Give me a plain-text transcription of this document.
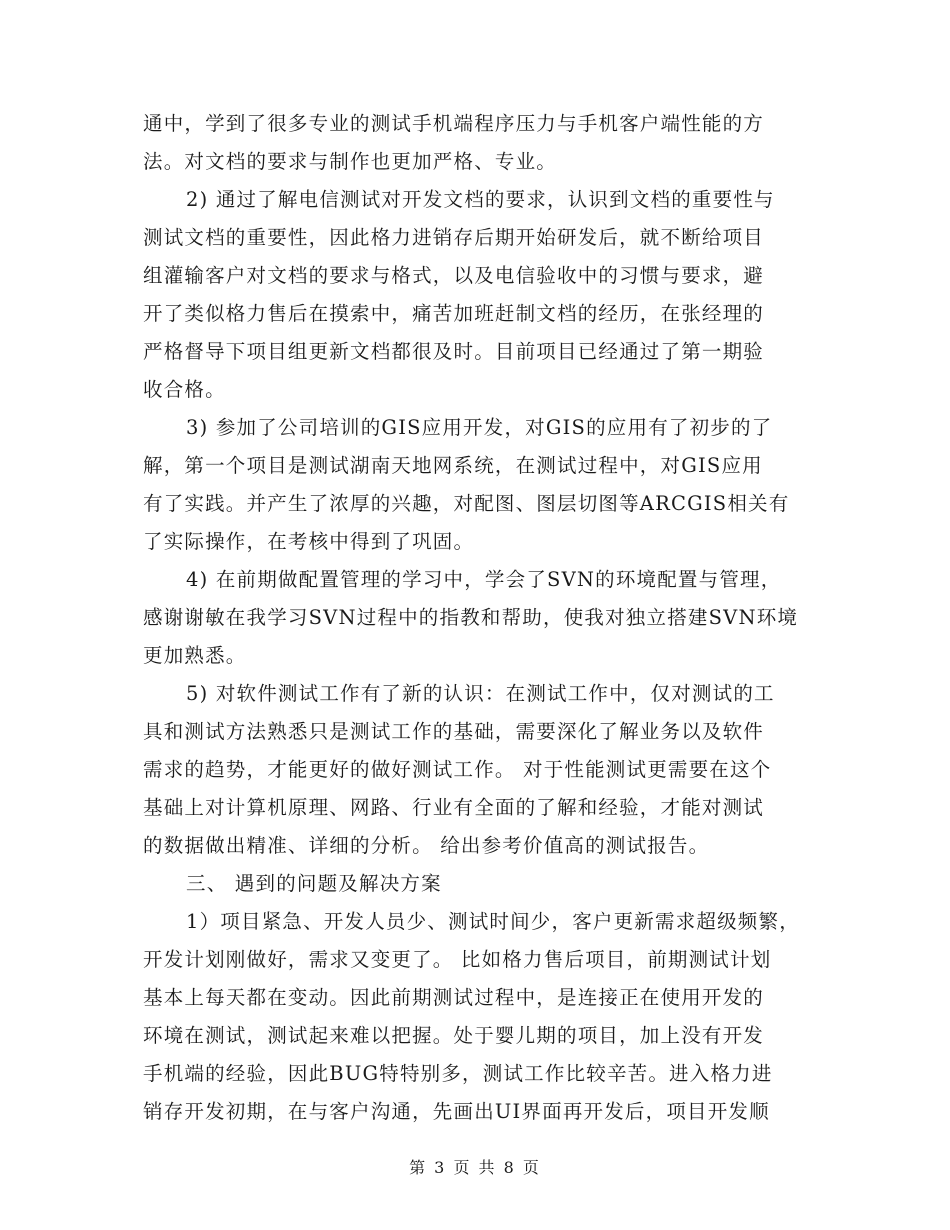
通中，学到了很多专业的测试手机端程序压力与手机客户端性能的方
法。对文档的要求与制作也更加严格、专业。
2) 通过了解电信测试对开发文档的要求，认识到文档的重要性与
测试文档的重要性，因此格力进销存后期开始研发后，就不断给项目
组灌输客户对文档的要求与格式，以及电信验收中的习惯与要求，避
开了类似格力售后在摸索中，痛苦加班赶制文档的经历，在张经理的
严格督导下项目组更新文档都很及时。目前项目已经通过了第一期验
收合格。
3) 参加了公司培训的GIS应用开发，对GIS的应用有了初步的了
解，第一个项目是测试湖南天地网系统，在测试过程中，对GIS应用
有了实践。并产生了浓厚的兴趣，对配图、图层切图等ARCGIS相关有
了实际操作，在考核中得到了巩固。
4) 在前期做配置管理的学习中，学会了SVN的环境配置与管理，
感谢谢敏在我学习SVN过程中的指教和帮助，使我对独立搭建SVN环境
更加熟悉。
5) 对软件测试工作有了新的认识：在测试工作中，仅对测试的工
具和测试方法熟悉只是测试工作的基础，需要深化了解业务以及软件
需求的趋势，才能更好的做好测试工作。 对于性能测试更需要在这个
基础上对计算机原理、网路、行业有全面的了解和经验，才能对测试
的数据做出精准、详细的分析。 给出参考价值高的测试报告。
三、 遇到的问题及解决方案
1）项目紧急、开发人员少、测试时间少，客户更新需求超级频繁，
开发计划刚做好，需求又变更了。 比如格力售后项目，前期测试计划
基本上每天都在变动。因此前期测试过程中，是连接正在使用开发的
环境在测试，测试起来难以把握。处于婴儿期的项目，加上没有开发
手机端的经验，因此BUG特特别多，测试工作比较辛苦。进入格力进
销存开发初期，在与客户沟通，先画出UI界面再开发后，项目开发顺
第 3 页 共 8 页
